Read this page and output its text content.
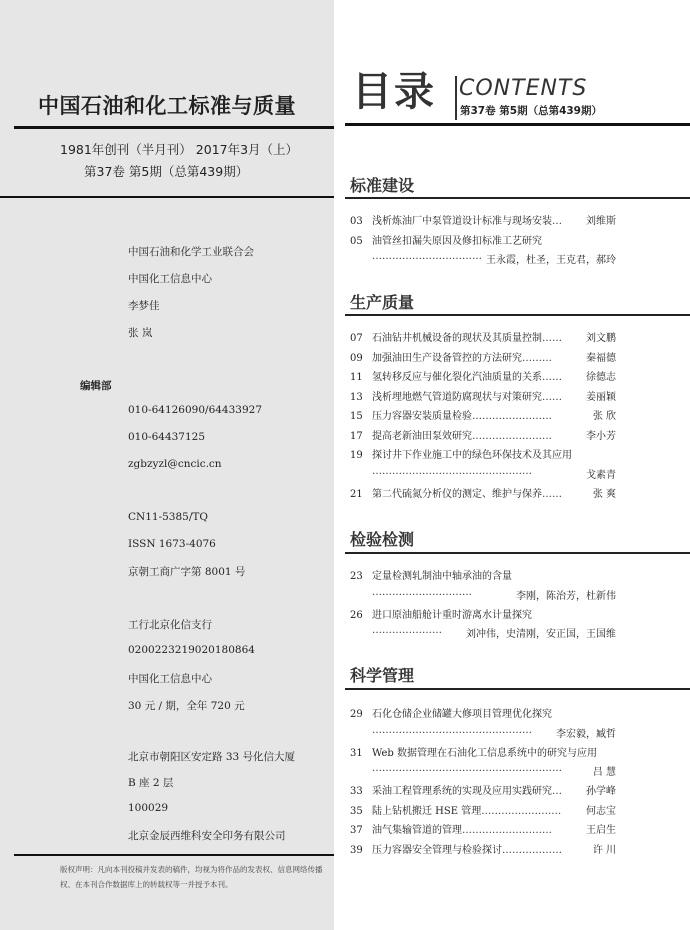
中国石油和化工标准与质量
1981年创刊（半月刊） 2017年3月（上）
第37卷 第5期（总第439期）
中国石油和化学工业联合会
中国化工信息中心
李梦佳
张 岚
编辑部
010-64126090/64433927
010-64437125
zgbzyzl@cncic.cn
CN11-5385/TQ
ISSN 1673-4076
京朝工商广字第 8001 号
工行北京化信支行
0200223219020180864
中国化工信息中心
30 元 / 期，全年 720 元
北京市朝阳区安定路 33 号化信大厦
B 座 2 层
100029
北京金辰西维科安全印务有限公司
版权声明：凡向本刊投稿并发表的稿件，均视为将作品的发表权、信息网络传播权、在本刊合作数据库上的转载权等一并授予本刊。
目录 CONTENTS
第37卷 第5期（总第439期）
标准建设
03 浅析炼油厂中泵管道设计标准与现场安装… 刘维斯
05 油管丝扣漏失原因及修扣标准工艺研究
…………………………… 王永霞，杜圣，王克君，郝玲
生产质量
07 石油钻井机械设备的现状及其质量控制…… 刘文鹏
09 加强油田生产设备管控的方法研究………	秦福德
11 氢转移反应与催化裂化汽油质量的关系…… 徐德志
13 浅析埋地燃气管道防腐现状与对策研究…… 姜丽颖
15 压力容器安装质量检验……………………	张 欣
17 提高老新油田泵效研究……………………	李小芳
19 探讨井下作业施工中的绿色环保技术及其应用
…………………………………………	戈素青
21 第二代硫氮分析仪的测定、维护与保养……	张 爽
检验检测
23 定量检测轧制油中轴承油的含量
…………………………	李刚，陈治芳，杜新伟
26 进口原油船舱计重时游离水计量探究
………………… 刘冲伟，史清刚，安正国，王国维
科学管理
29 石化仓储企业储罐大修项目管理优化探究
………………………………………… 李宏毅，臧哲
31 Web 数据管理在石油化工信息系统中的研究与应用
…………………………………………………	吕 慧
33 采油工程管理系统的实现及应用实践研究… 孙学峰
35 陆上钻机搬迁 HSE 管理…………………… 何志宝
37 油气集输管道的管理………………………	王启生
39 压力容器安全管理与检验探讨………………	许 川
